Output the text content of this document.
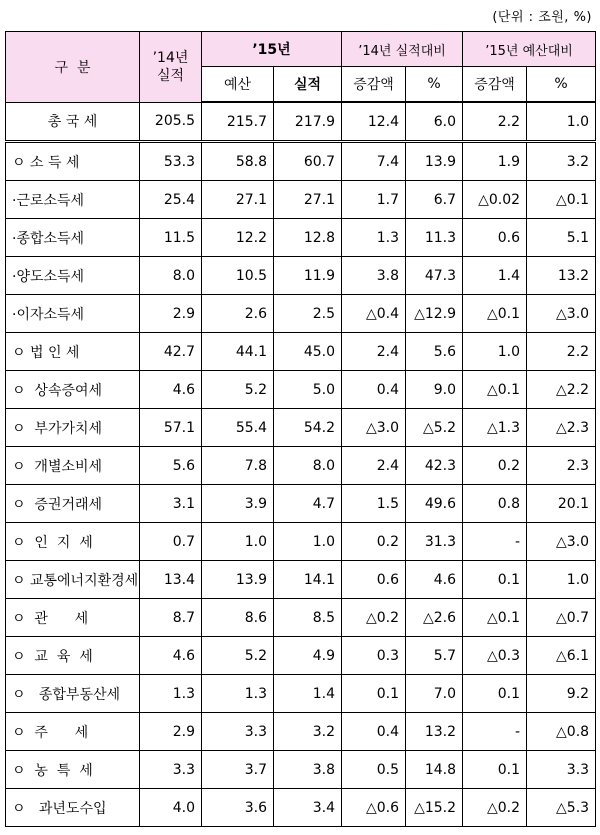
(단위 : 조원, %)
구  분	’14년
실적	’15년		’14년 실적대비		’15년 예산대비	
		예산	실적	증감액	%	증감액	%
총 국 세	205.5	215.7	217.9	12.4	6.0	2.2	1.0
ㅇ 소 득 세	53.3	58.8	60.7	7.4	13.9	1.9	3.2
·근로소득세	25.4	27.1	27.1	1.7	6.7	△0.02	△0.1
·종합소득세	11.5	12.2	12.8	1.3	11.3	0.6	5.1
·양도소득세	8.0	10.5	11.9	3.8	47.3	1.4	13.2
·이자소득세	2.9	2.6	2.5	△0.4	△12.9	△0.1	△3.0
ㅇ 법 인 세	42.7	44.1	45.0	2.4	5.6	1.0	2.2
ㅇ  상속증여세	4.6	5.2	5.0	0.4	9.0	△0.1	△2.2
ㅇ  부가가치세	57.1	55.4	54.2	△3.0	△5.2	△1.3	△2.3
ㅇ  개별소비세	5.6	7.8	8.0	2.4	42.3	0.2	2.3
ㅇ  증권거래세	3.1	3.9	4.7	1.5	49.6	0.8	20.1
ㅇ  인  지  세	0.7	1.0	1.0	0.2	31.3	-	△3.0
ㅇ 교통에너지환경세	13.4	13.9	14.1	0.6	4.6	0.1	1.0
ㅇ  관      세	8.7	8.6	8.5	△0.2	△2.6	△0.1	△0.7
ㅇ  교  육  세	4.6	5.2	4.9	0.3	5.7	△0.3	△6.1
ㅇ   종합부동산세	1.3	1.3	1.4	0.1	7.0	0.1	9.2
ㅇ  주      세	2.9	3.3	3.2	0.4	13.2	-	△0.8
ㅇ  농  특  세	3.3	3.7	3.8	0.5	14.8	0.1	3.3
ㅇ   과년도수입	4.0	3.6	3.4	△0.6	△15.2	△0.2	△5.3
